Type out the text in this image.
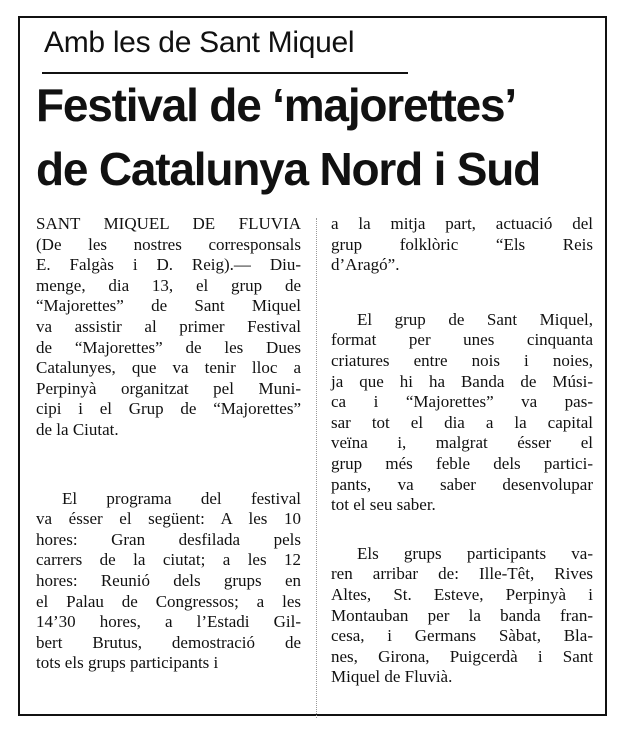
Amb les de Sant Miquel
Festival de ‘majorettes’
de Catalunya Nord i Sud
SANT MIQUEL DE FLUVIA
(De les nostres corresponsals
E. Falgàs i D. Reig).— Diu-
menge, dia 13, el grup de
“Majorettes” de Sant Miquel
va assistir al primer Festival
de “Majorettes” de les Dues
Catalunyes, que va tenir lloc a
Perpinyà organitzat pel Muni-
cipi i el Grup de “Majorettes”
de la Ciutat.
El programa del festival
va ésser el següent: A les 10
hores: Gran desfilada pels
carrers de la ciutat; a les 12
hores: Reunió dels grups en
el Palau de Congressos; a les
14’30 hores, a l’Estadi Gil-
bert Brutus, demostració de
tots els grups participants i
a la mitja part, actuació del
grup folklòric “Els Reis
d’Aragó”.
El grup de Sant Miquel,
format per unes cinquanta
criatures entre nois i noies,
ja que hi ha Banda de Músi-
ca i “Majorettes” va pas-
sar tot el dia a la capital
veïna i, malgrat ésser el
grup més feble dels partici-
pants, va saber desenvolupar
tot el seu saber.
Els grups participants va-
ren arribar de: Ille-Têt, Rives
Altes, St. Esteve, Perpinyà i
Montauban per la banda fran-
cesa, i Germans Sàbat, Bla-
nes, Girona, Puigcerdà i Sant
Miquel de Fluvià.
